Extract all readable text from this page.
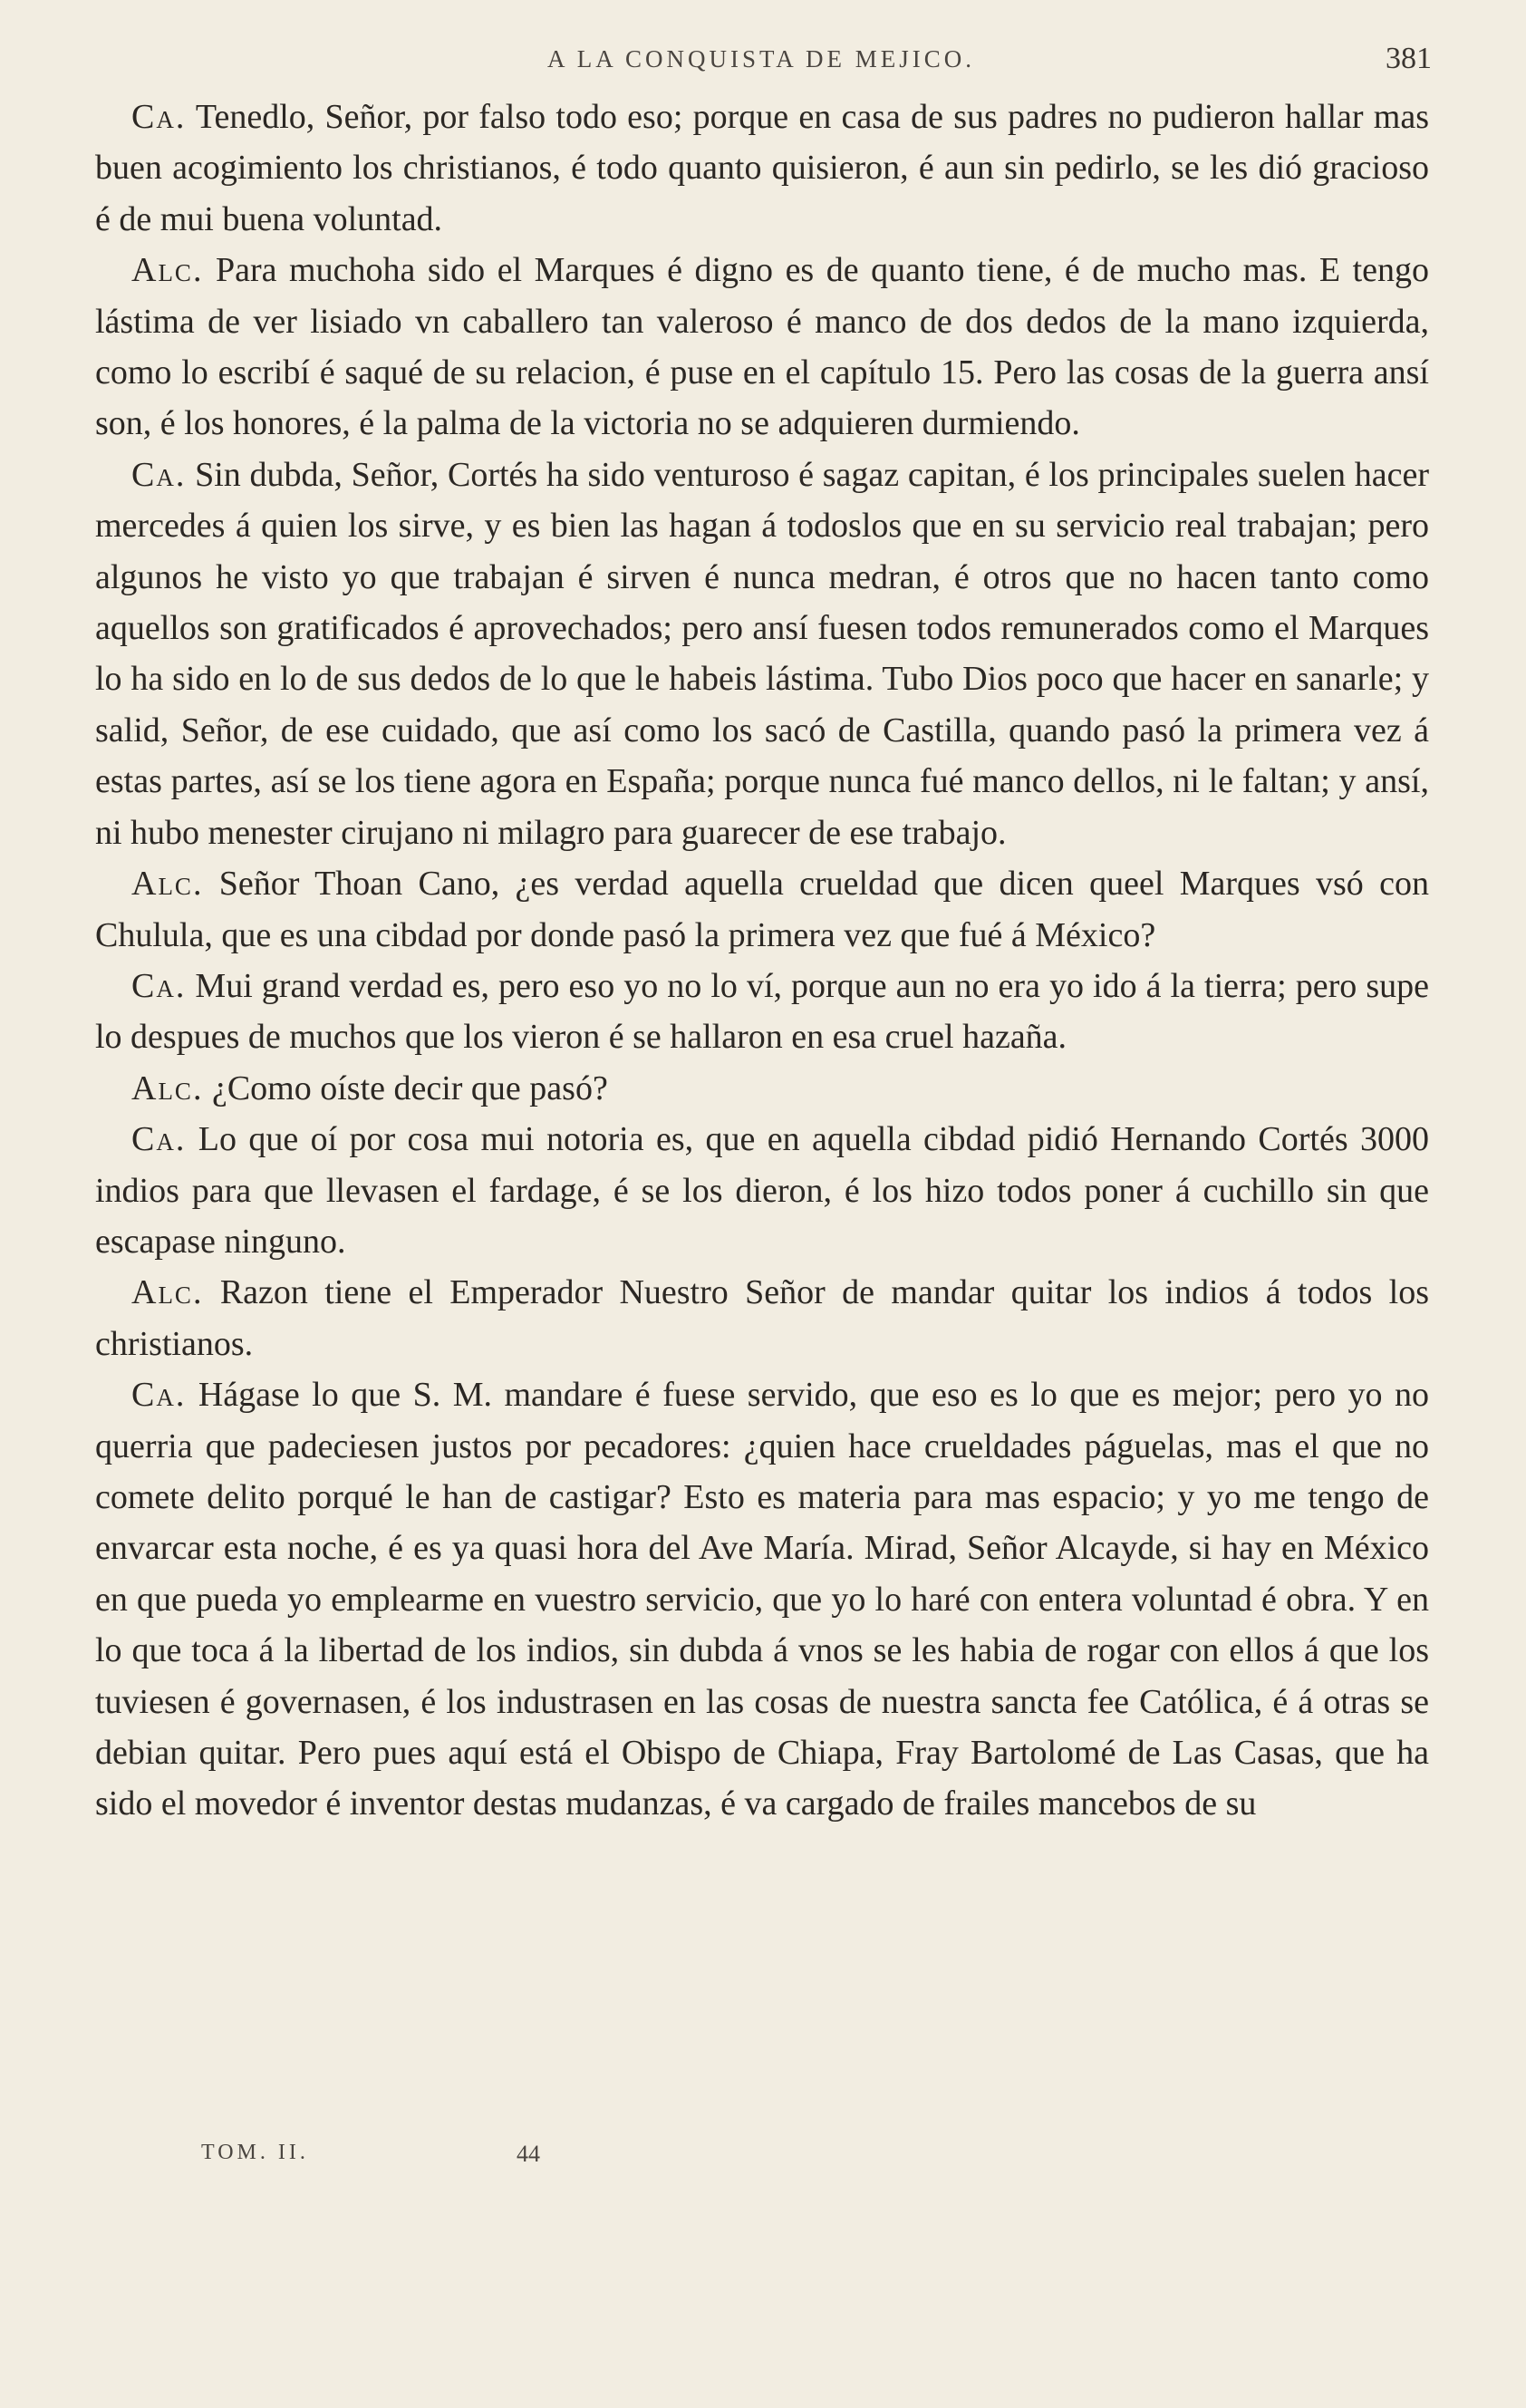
A LA CONQUISTA DE MEJICO.	381

Ca. Tenedlo, Señor, por falso todo eso; porque en casa de sus padres no pudieron hallar mas buen acogimiento los christianos, é todo quanto quisieron, é aun sin pedirlo, se les dió gracioso é de mui buena voluntad.

Alc. Para muchoha sido el Marques é digno es de quanto tiene, é de mucho mas. E tengo lástima de ver lisiado vn caballero tan valeroso é manco de dos dedos de la mano izquierda, como lo escribí é saqué de su relacion, é puse en el capítulo 15. Pero las cosas de la guerra ansí son, é los honores, é la palma de la victoria no se adquieren durmiendo.

Ca. Sin dubda, Señor, Cortés ha sido venturoso é sagaz capitan, é los principales suelen hacer mercedes á quien los sirve, y es bien las hagan á todoslos que en su servicio real trabajan; pero algunos he visto yo que trabajan é sirven é nunca medran, é otros que no hacen tanto como aquellos son gratificados é aprovechados; pero ansí fuesen todos remunerados como el Marques lo ha sido en lo de sus dedos de lo que le habeis lástima. Tubo Dios poco que hacer en sanarle; y salid, Señor, de ese cuidado, que así como los sacó de Castilla, quando pasó la primera vez á estas partes, así se los tiene agora en España; porque nunca fué manco dellos, ni le faltan; y ansí, ni hubo menester cirujano ni milagro para guarecer de ese trabajo.

Alc. Señor Thoan Cano, ¿es verdad aquella crueldad que dicen queel Marques vsó con Chulula, que es una cibdad por donde pasó la primera vez que fué á México?

Ca. Mui grand verdad es, pero eso yo no lo ví, porque aun no era yo ido á la tierra; pero supe lo despues de muchos que los vieron é se hallaron en esa cruel hazaña.

Alc. ¿Como oíste decir que pasó?

Ca. Lo que oí por cosa mui notoria es, que en aquella cibdad pidió Hernando Cortés 3000 indios para que llevasen el fardage, é se los dieron, é los hizo todos poner á cuchillo sin que escapase ninguno.

Alc. Razon tiene el Emperador Nuestro Señor de mandar quitar los indios á todos los christianos.

Ca. Hágase lo que S. M. mandare é fuese servido, que eso es lo que es mejor; pero yo no querria que padeciesen justos por pecadores: ¿quien hace crueldades páguelas, mas el que no comete delito porqué le han de castigar? Esto es materia para mas espacio; y yo me tengo de envarcar esta noche, é es ya quasi hora del Ave María. Mirad, Señor Alcayde, si hay en México en que pueda yo emplearme en vuestro servicio, que yo lo haré con entera voluntad é obra. Y en lo que toca á la libertad de los indios, sin dubda á vnos se les habia de rogar con ellos á que los tuviesen é governasen, é los industrasen en las cosas de nuestra sancta fee Católica, é á otras se debian quitar. Pero pues aquí está el Obispo de Chiapa, Fray Bartolomé de Las Casas, que ha sido el movedor é inventor destas mudanzas, é va cargado de frailes mancebos de su

TOM. II.	44
